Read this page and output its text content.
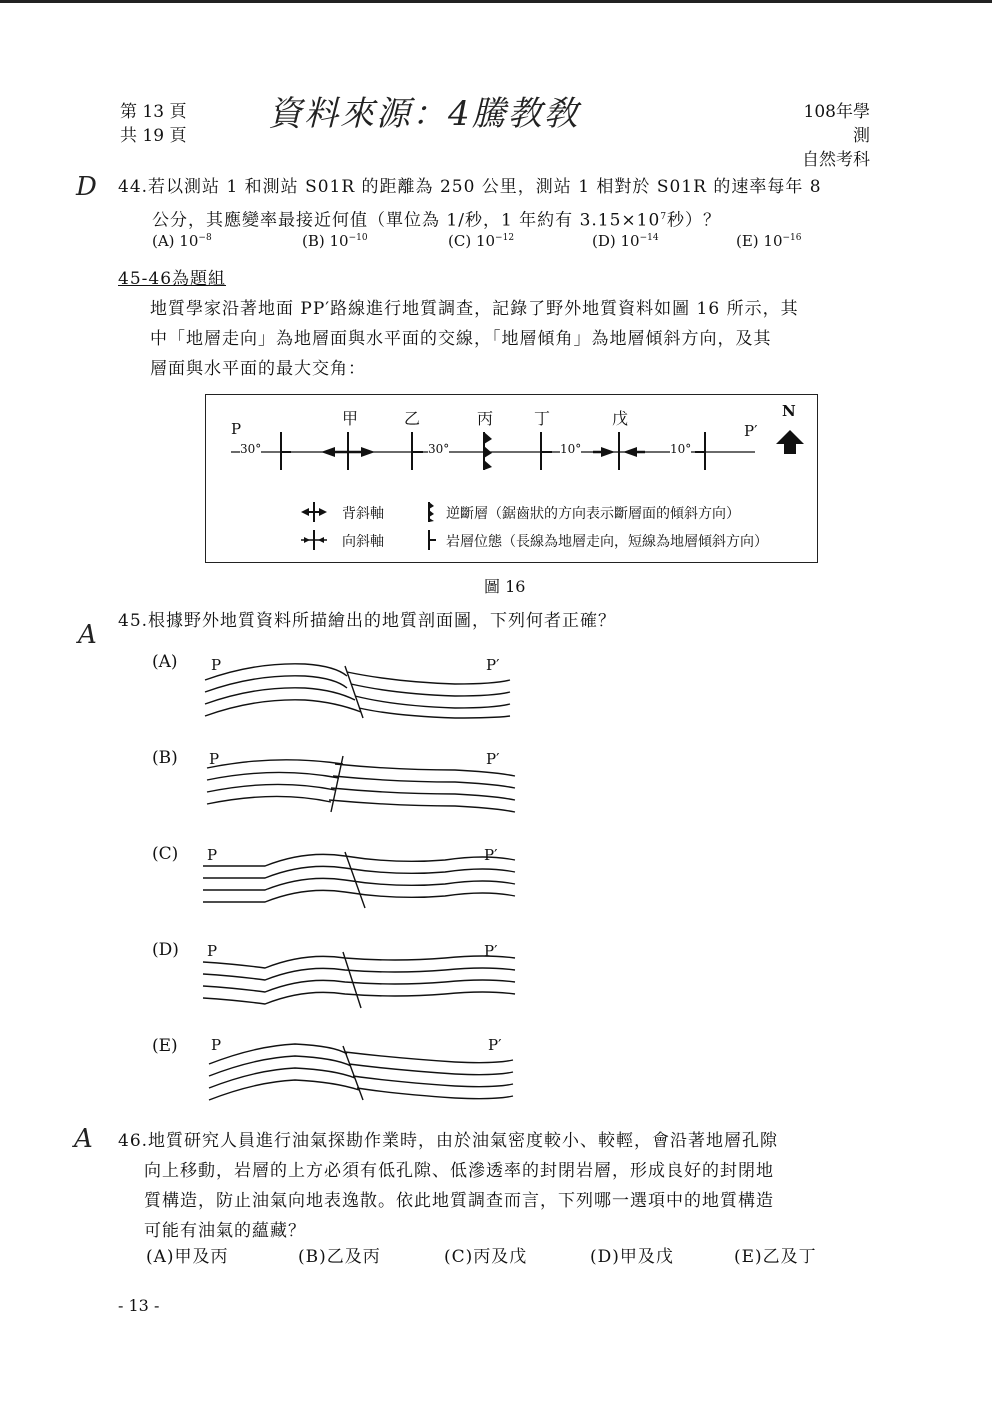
第 13 頁
共 19 頁
資料來源：4騰教敎	108年學測
自然考科
D
A
A
44.若以測站 1 和測站 S01R 的距離為 250 公里，測站 1 相對於 S01R 的速率每年 8
公分，其應變率最接近何值（單位為 1/秒，1 年約有 $3.15\times 10^7$秒）？
(A) $10^{-8}$	(B) $10^{-10}$	(C) $10^{-12}$	(D) $10^{-14}$	(E) $10^{-16}$
45-46為題組
地質學家沿著地面 PP′路線進行地質調查，記錄了野外地質資料如圖 16 所示，其
中「地層走向」為地層面與水平面的交線，「地層傾角」為地層傾斜方向，及其
層面與水平面的最大交角：
P	P′
N
甲	乙	丙	丁	戊
30°	30°	10°	10°
背斜軸
向斜軸
逆斷層（鋸齒狀的方向表示斷層面的傾斜方向）
岩層位態（長線為地層走向，短線為地層傾斜方向）
圖 16
45.根據野外地質資料所描繪出的地質剖面圖，下列何者正確？
(A)
(B)
(C)
(D)
(E)
P	P′
P	P′
P	P′
P	P′
P	P′
46.地質研究人員進行油氣探勘作業時，由於油氣密度較小、較輕，會沿著地層孔隙
向上移動，岩層的上方必須有低孔隙、低滲透率的封閉岩層，形成良好的封閉地
質構造，防止油氣向地表逸散。依此地質調查而言，下列哪一選項中的地質構造
可能有油氣的蘊藏？
(A)甲及丙	(B)乙及丙	(C)丙及戊	(D)甲及戊	(E)乙及丁
- 13 -
